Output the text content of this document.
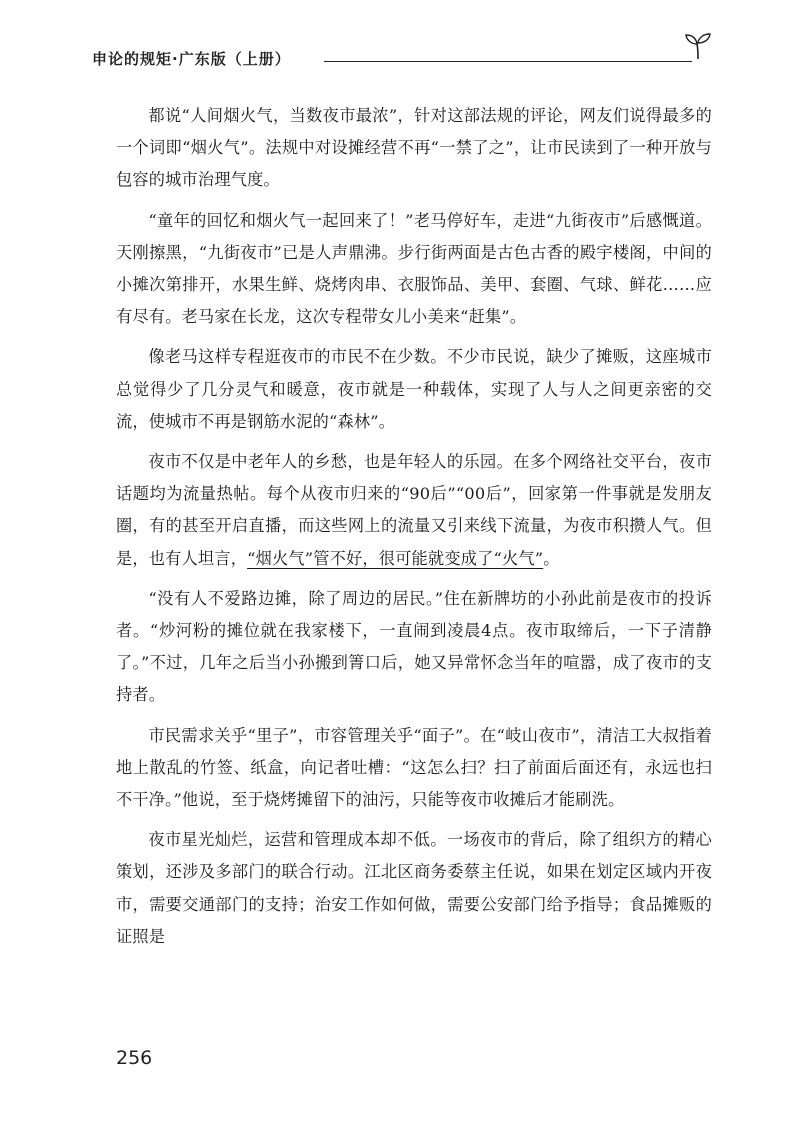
申论的规矩·广东版（上册）

都说“人间烟火气，当数夜市最浓”，针对这部法规的评论，网友们说得最多的一个词即“烟火气”。法规中对设摊经营不再“一禁了之”，让市民读到了一种开放与包容的城市治理气度。

“童年的回忆和烟火气一起回来了！”老马停好车，走进“九街夜市”后感慨道。天刚擦黑，“九街夜市”已是人声鼎沸。步行街两面是古色古香的殿宇楼阁，中间的小摊次第排开，水果生鲜、烧烤肉串、衣服饰品、美甲、套圈、气球、鲜花……应有尽有。老马家在长龙，这次专程带女儿小美来“赶集”。

像老马这样专程逛夜市的市民不在少数。不少市民说，缺少了摊贩，这座城市总觉得少了几分灵气和暖意，夜市就是一种载体，实现了人与人之间更亲密的交流，使城市不再是钢筋水泥的“森林”。

夜市不仅是中老年人的乡愁，也是年轻人的乐园。在多个网络社交平台，夜市话题均为流量热帖。每个从夜市归来的“90后”“00后”，回家第一件事就是发朋友圈，有的甚至开启直播，而这些网上的流量又引来线下流量，为夜市积攒人气。但是，也有人坦言，“烟火气”管不好，很可能就变成了“火气”。

“没有人不爱路边摊，除了周边的居民。”住在新牌坊的小孙此前是夜市的投诉者。“炒河粉的摊位就在我家楼下，一直闹到凌晨4点。夜市取缔后，一下子清静了。”不过，几年之后当小孙搬到箐口后，她又异常怀念当年的喧嚣，成了夜市的支持者。

市民需求关乎“里子”，市容管理关乎“面子”。在“岐山夜市”，清洁工大叔指着地上散乱的竹签、纸盒，向记者吐槽：“这怎么扫？扫了前面后面还有，永远也扫不干净。”他说，至于烧烤摊留下的油污，只能等夜市收摊后才能刷洗。

夜市星光灿烂，运营和管理成本却不低。一场夜市的背后，除了组织方的精心策划，还涉及多部门的联合行动。江北区商务委蔡主任说，如果在划定区域内开夜市，需要交通部门的支持；治安工作如何做，需要公安部门给予指导；食品摊贩的证照是

256
